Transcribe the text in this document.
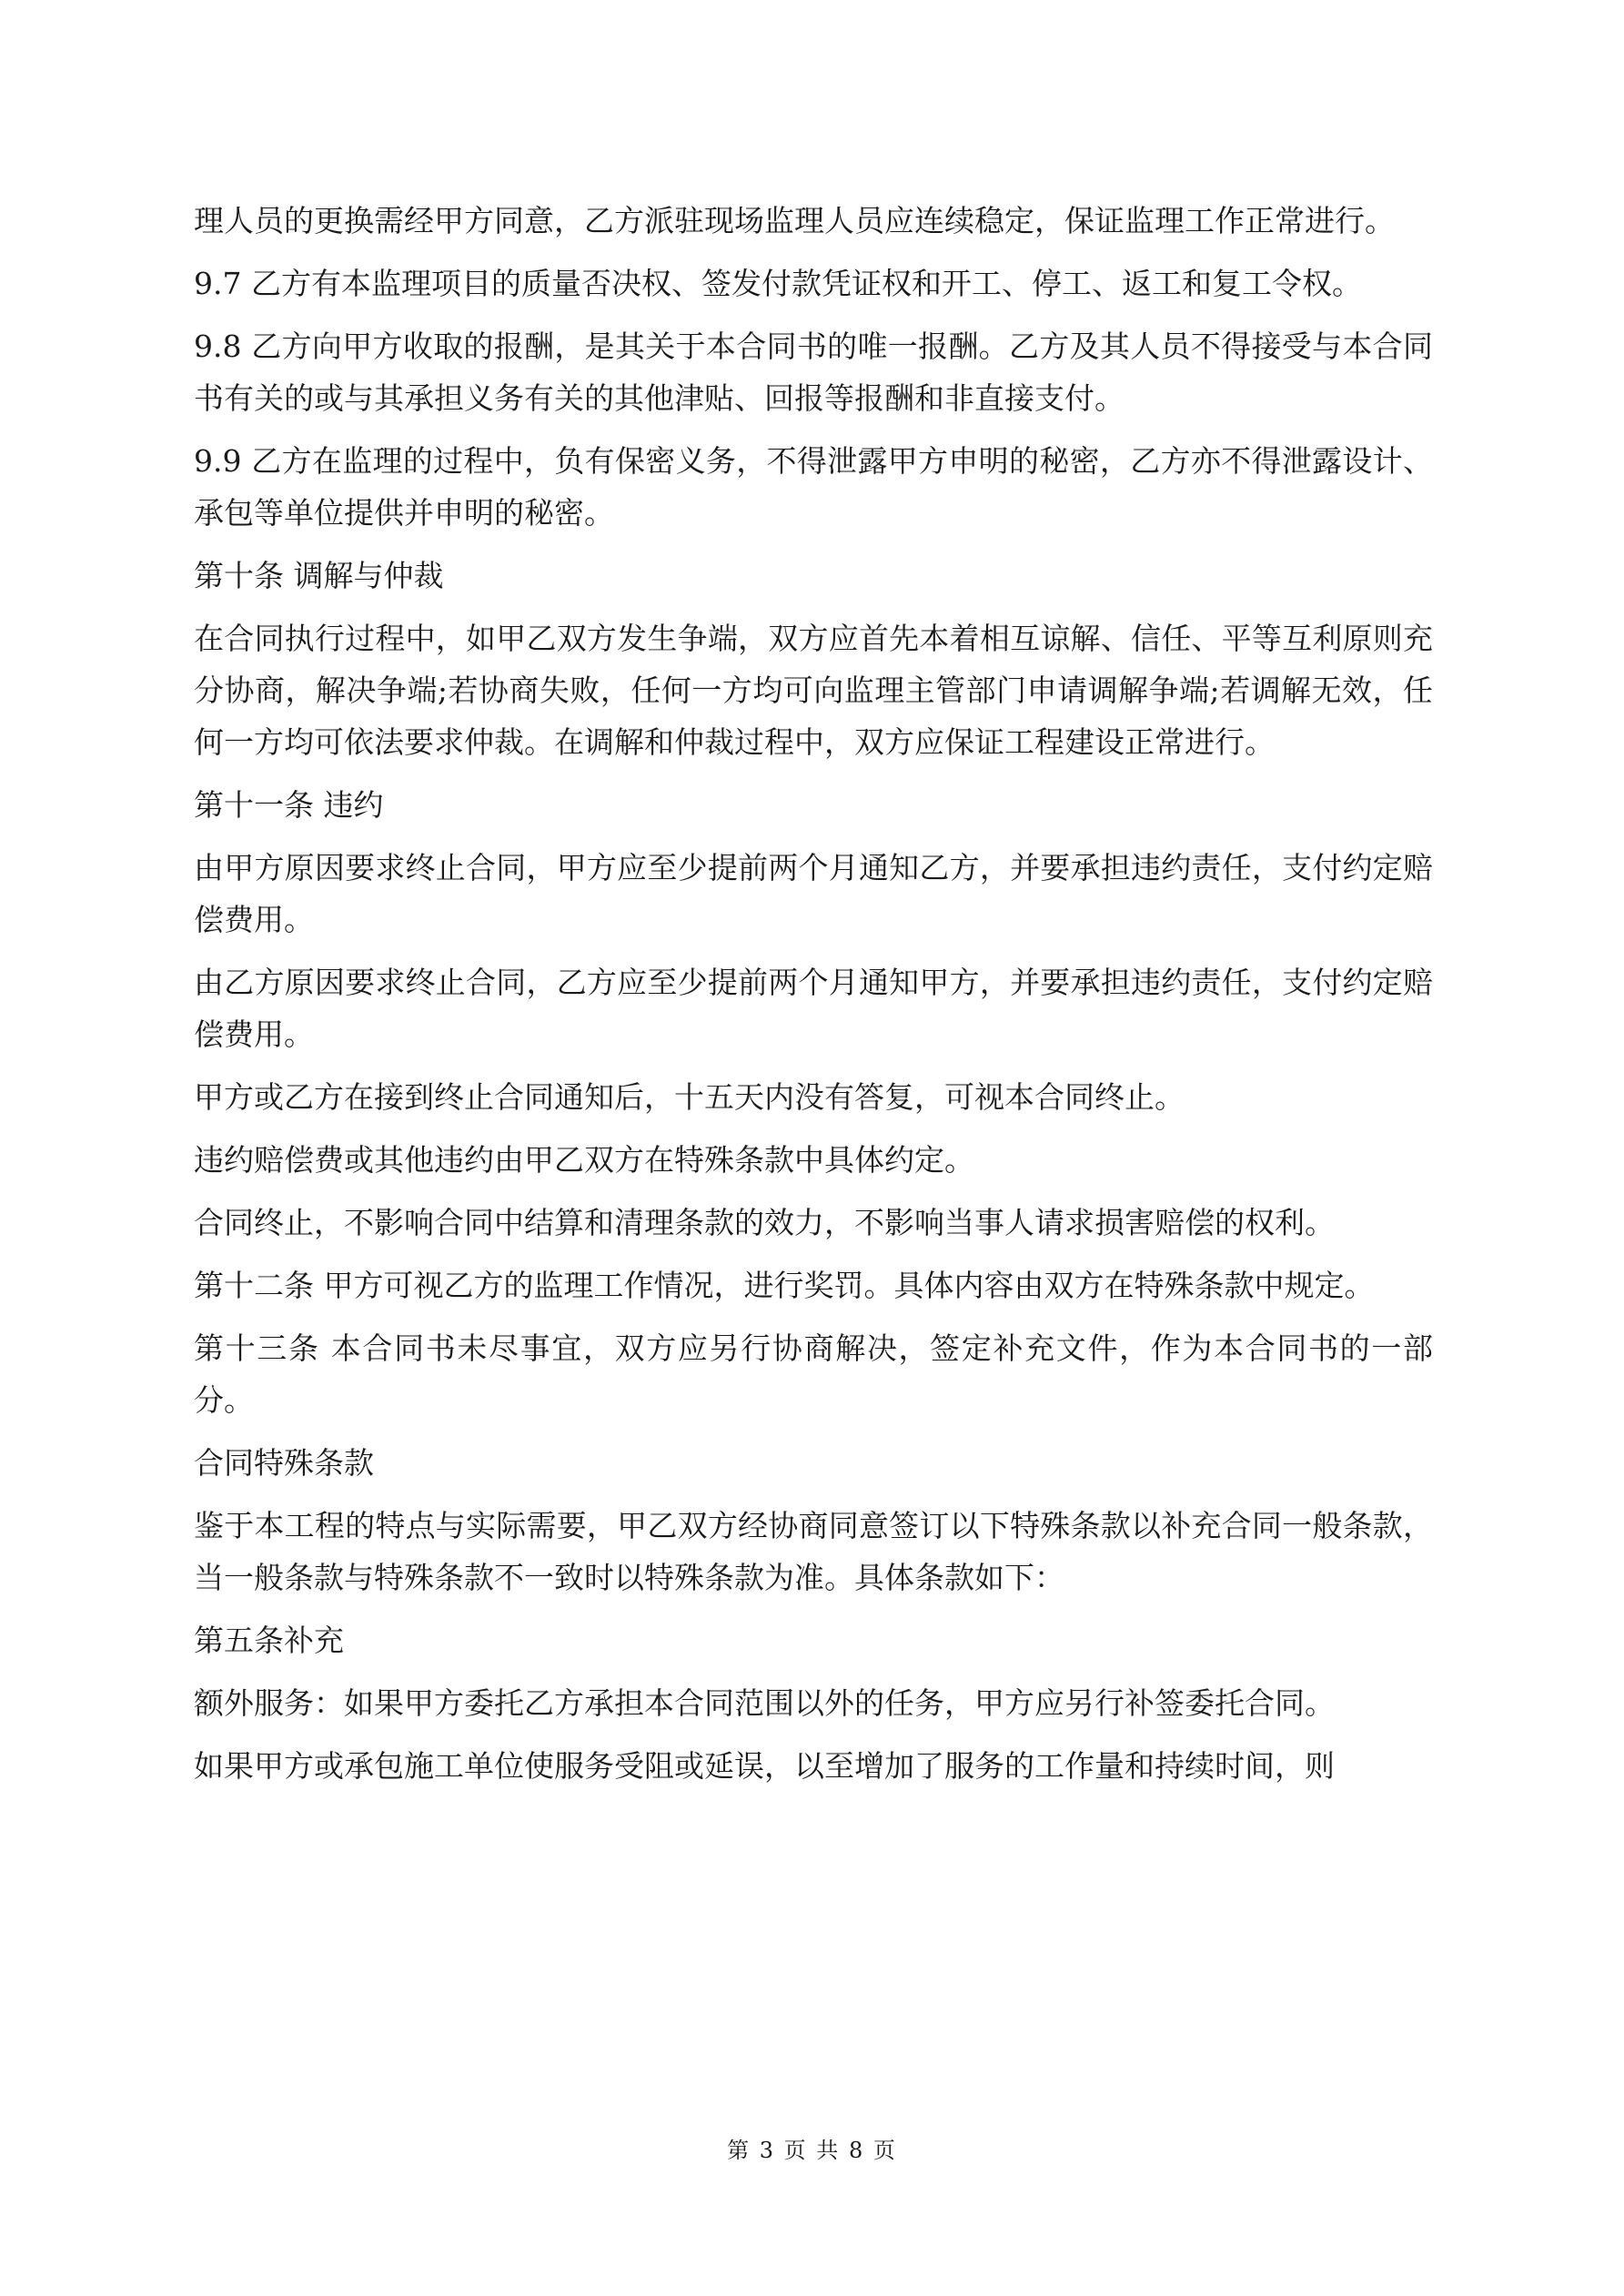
理人员的更换需经甲方同意，乙方派驻现场监理人员应连续稳定，保证监理工作正常进行。

9.7 乙方有本监理项目的质量否决权、签发付款凭证权和开工、停工、返工和复工令权。

9.8 乙方向甲方收取的报酬，是其关于本合同书的唯一报酬。乙方及其人员不得接受与本合同书有关的或与其承担义务有关的其他津贴、回报等报酬和非直接支付。

9.9 乙方在监理的过程中，负有保密义务，不得泄露甲方申明的秘密，乙方亦不得泄露设计、承包等单位提供并申明的秘密。

第十条 调解与仲裁

在合同执行过程中，如甲乙双方发生争端，双方应首先本着相互谅解、信任、平等互利原则充分协商，解决争端;若协商失败，任何一方均可向监理主管部门申请调解争端;若调解无效，任何一方均可依法要求仲裁。在调解和仲裁过程中，双方应保证工程建设正常进行。

第十一条 违约

由甲方原因要求终止合同，甲方应至少提前两个月通知乙方，并要承担违约责任，支付约定赔偿费用。

由乙方原因要求终止合同，乙方应至少提前两个月通知甲方，并要承担违约责任，支付约定赔偿费用。

甲方或乙方在接到终止合同通知后，十五天内没有答复，可视本合同终止。

违约赔偿费或其他违约由甲乙双方在特殊条款中具体约定。

合同终止，不影响合同中结算和清理条款的效力，不影响当事人请求损害赔偿的权利。

第十二条 甲方可视乙方的监理工作情况，进行奖罚。具体内容由双方在特殊条款中规定。

第十三条 本合同书未尽事宜，双方应另行协商解决，签定补充文件，作为本合同书的一部分。

合同特殊条款

鉴于本工程的特点与实际需要，甲乙双方经协商同意签订以下特殊条款以补充合同一般条款，当一般条款与特殊条款不一致时以特殊条款为准。具体条款如下：

第五条补充

额外服务：如果甲方委托乙方承担本合同范围以外的任务，甲方应另行补签委托合同。

如果甲方或承包施工单位使服务受阻或延误，以至增加了服务的工作量和持续时间，则

第 3 页 共 8 页
